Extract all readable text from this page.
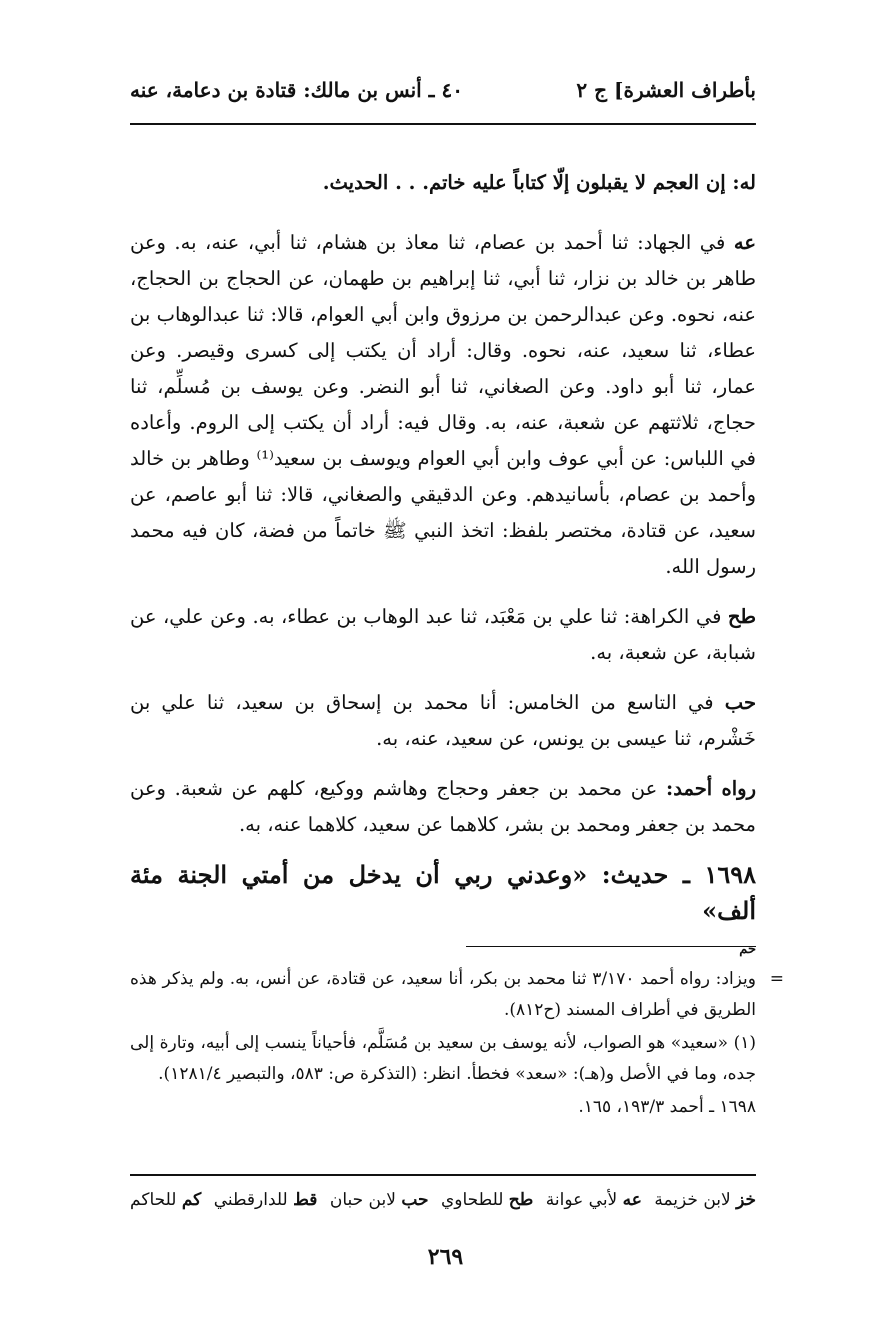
بأطراف العشرة] ج ٢
٤٠ ـ أنس بن مالك: قتادة بن دعامة، عنه

له: إن العجم لا يقبلون إلّا كتاباً عليه خاتم. . . الحديث.

عه في الجهاد: ثنا أحمد بن عصام، ثنا معاذ بن هشام، ثنا أبي، عنه، به. وعن طاهر بن خالد بن نزار، ثنا أبي، ثنا إبراهيم بن طهمان، عن الحجاج بن الحجاج، عنه، نحوه. وعن عبدالرحمن بن مرزوق وابن أبي العوام، قالا: ثنا عبدالوهاب بن عطاء، ثنا سعيد، عنه، نحوه. وقال: أراد أن يكتب إلى كسرى وقيصر. وعن عمار، ثنا أبو داود. وعن الصغاني، ثنا أبو النضر. وعن يوسف بن مُسلِّم، ثنا حجاج، ثلاثتهم عن شعبة، عنه، به. وقال فيه: أراد أن يكتب إلى الروم. وأعاده في اللباس: عن أبي عوف وابن أبي العوام ويوسف بن سعيد⁽¹⁾ وطاهر بن خالد وأحمد بن عصام، بأسانيدهم. وعن الدقيقي والصغاني، قالا: ثنا أبو عاصم، عن سعيد، عن قتادة، مختصر بلفظ: اتخذ النبي ﷺ خاتماً من فضة، كان فيه محمد رسول الله.

طح في الكراهة: ثنا علي بن مَعْبَد، ثنا عبد الوهاب بن عطاء، به. وعن علي، عن شبابة، عن شعبة، به.

حب في التاسع من الخامس: أنا محمد بن إسحاق بن سعيد، ثنا علي بن خَشْرم، ثنا عيسى بن يونس، عن سعيد، عنه، به.

رواه أحمد: عن محمد بن جعفر وحجاج وهاشم ووكيع، كلهم عن شعبة. وعن محمد بن جعفر ومحمد بن بشر، كلاهما عن سعيد، كلاهما عنه، به.

١٦٩٨ ـ حديث: «وعدني ربي أن يدخل من أمتي الجنة مئة ألف»

حم

=
ويزاد: رواه أحمد ٣/١٧٠ ثنا محمد بن بكر، أنا سعيد، عن قتادة، عن أنس، به. ولم يذكر هذه الطريق في أطراف المسند (ح٨١٢).

(١) «سعيد» هو الصواب، لأنه يوسف بن سعيد بن مُسَلَّم، فأحياناً ينسب إلى أبيه، وتارة إلى جده، وما في الأصل و(هـ): «سعد» فخطأ. انظر: (التذكرة ص: ٥٨٣، والتبصير ١٢٨١/٤).

١٦٩٨ ـ أحمد ١٩٣/٣، ١٦٥.

خز لابن خزيمة
عه لأبي عوانة
طح للطحاوي
حب لابن حبان
قط للدارقطني
كم للحاكم
٢٦٩
